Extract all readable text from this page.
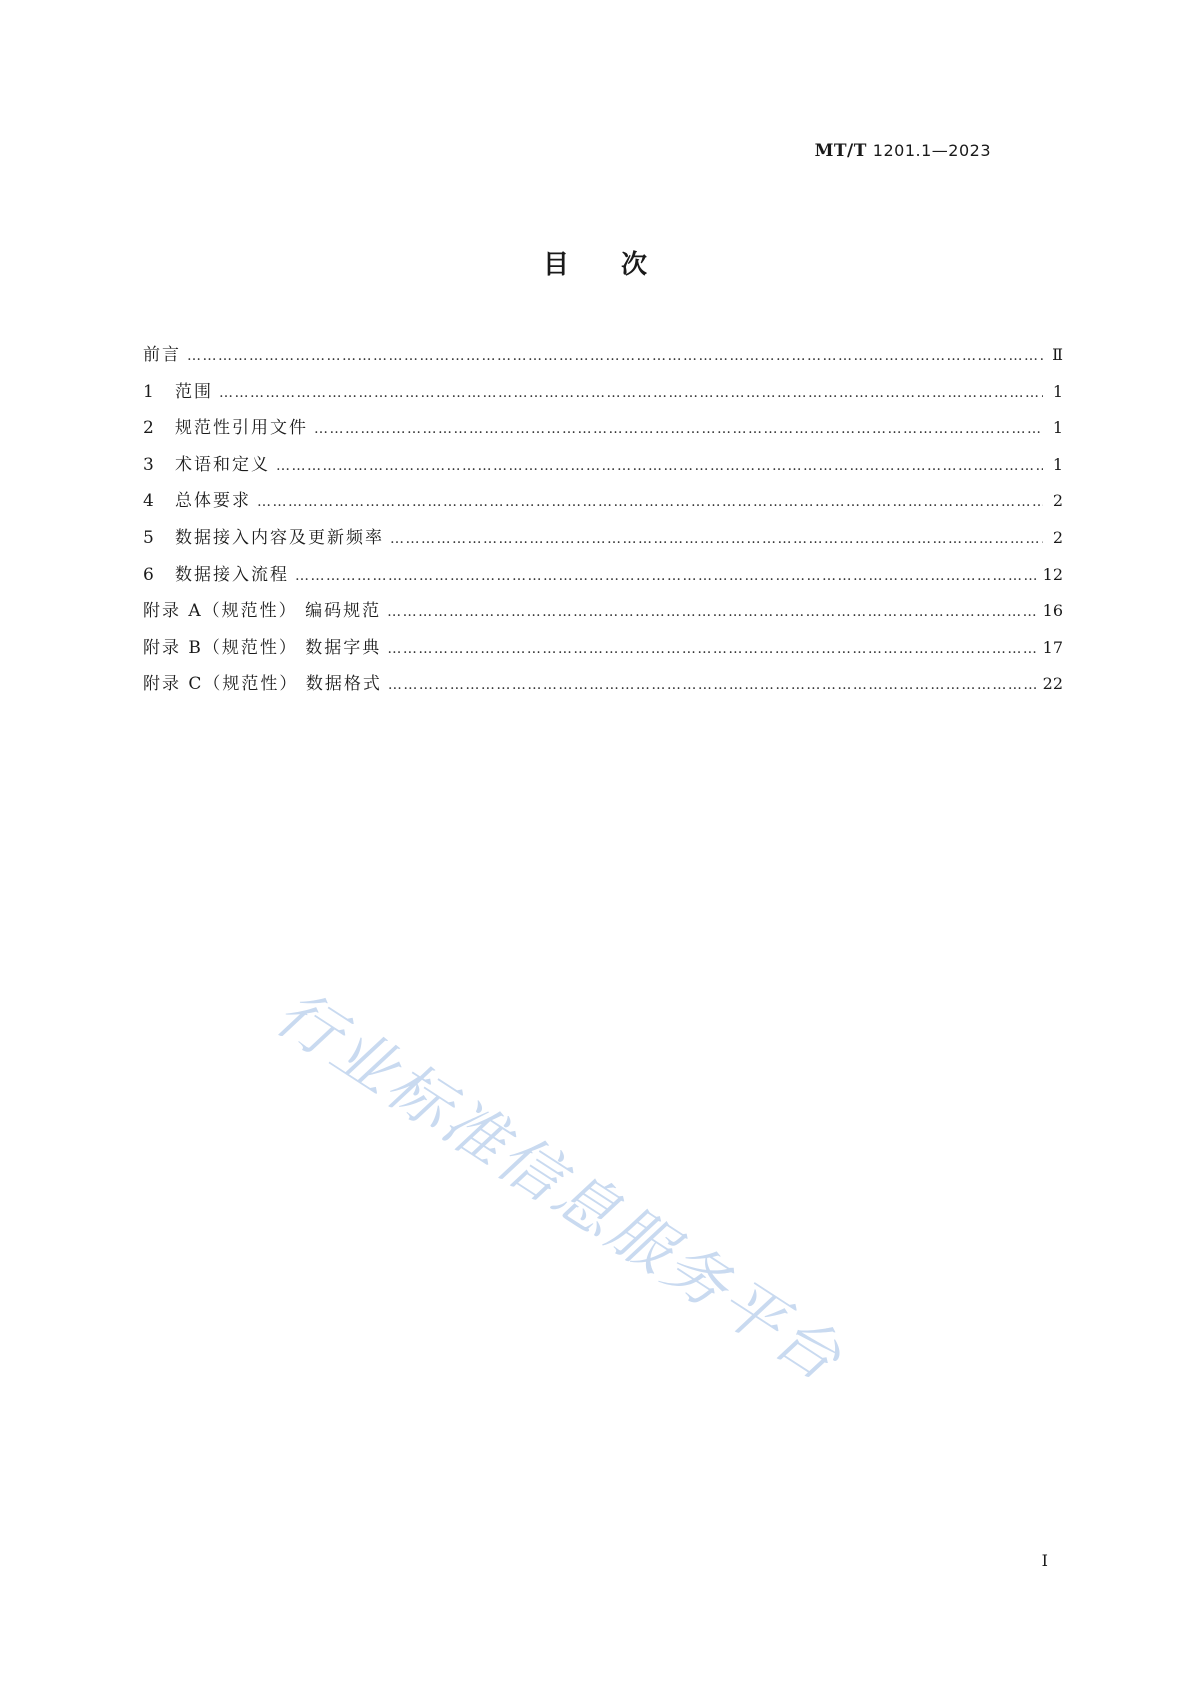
MT/T 1201.1—2023
目次
前言 ………………………………………………………………………………………………………………………………………………………………………………………………………………………………………………	Ⅱ
1	范围 ………………………………………………………………………………………………………………………………………………………………………………………………………………………………………………	1
2	规范性引用文件 ………………………………………………………………………………………………………………………………………………………………………………………………………………………………………………	1
3	术语和定义 ………………………………………………………………………………………………………………………………………………………………………………………………………………………………………………	1
4	总体要求 ………………………………………………………………………………………………………………………………………………………………………………………………………………………………………………	2
5	数据接入内容及更新频率 ………………………………………………………………………………………………………………………………………………………………………………………………………………………………………………	2
6	数据接入流程 ………………………………………………………………………………………………………………………………………………………………………………………………………………………………………………	12
附录 A（规范性） 编码规范 ………………………………………………………………………………………………………………………………………………………………………………………………………………………………………………	16
附录 B（规范性） 数据字典 ………………………………………………………………………………………………………………………………………………………………………………………………………………………………………………	17
附录 C（规范性） 数据格式 ………………………………………………………………………………………………………………………………………………………………………………………………………………………………………………	22
行业标准信息服务平台
I
